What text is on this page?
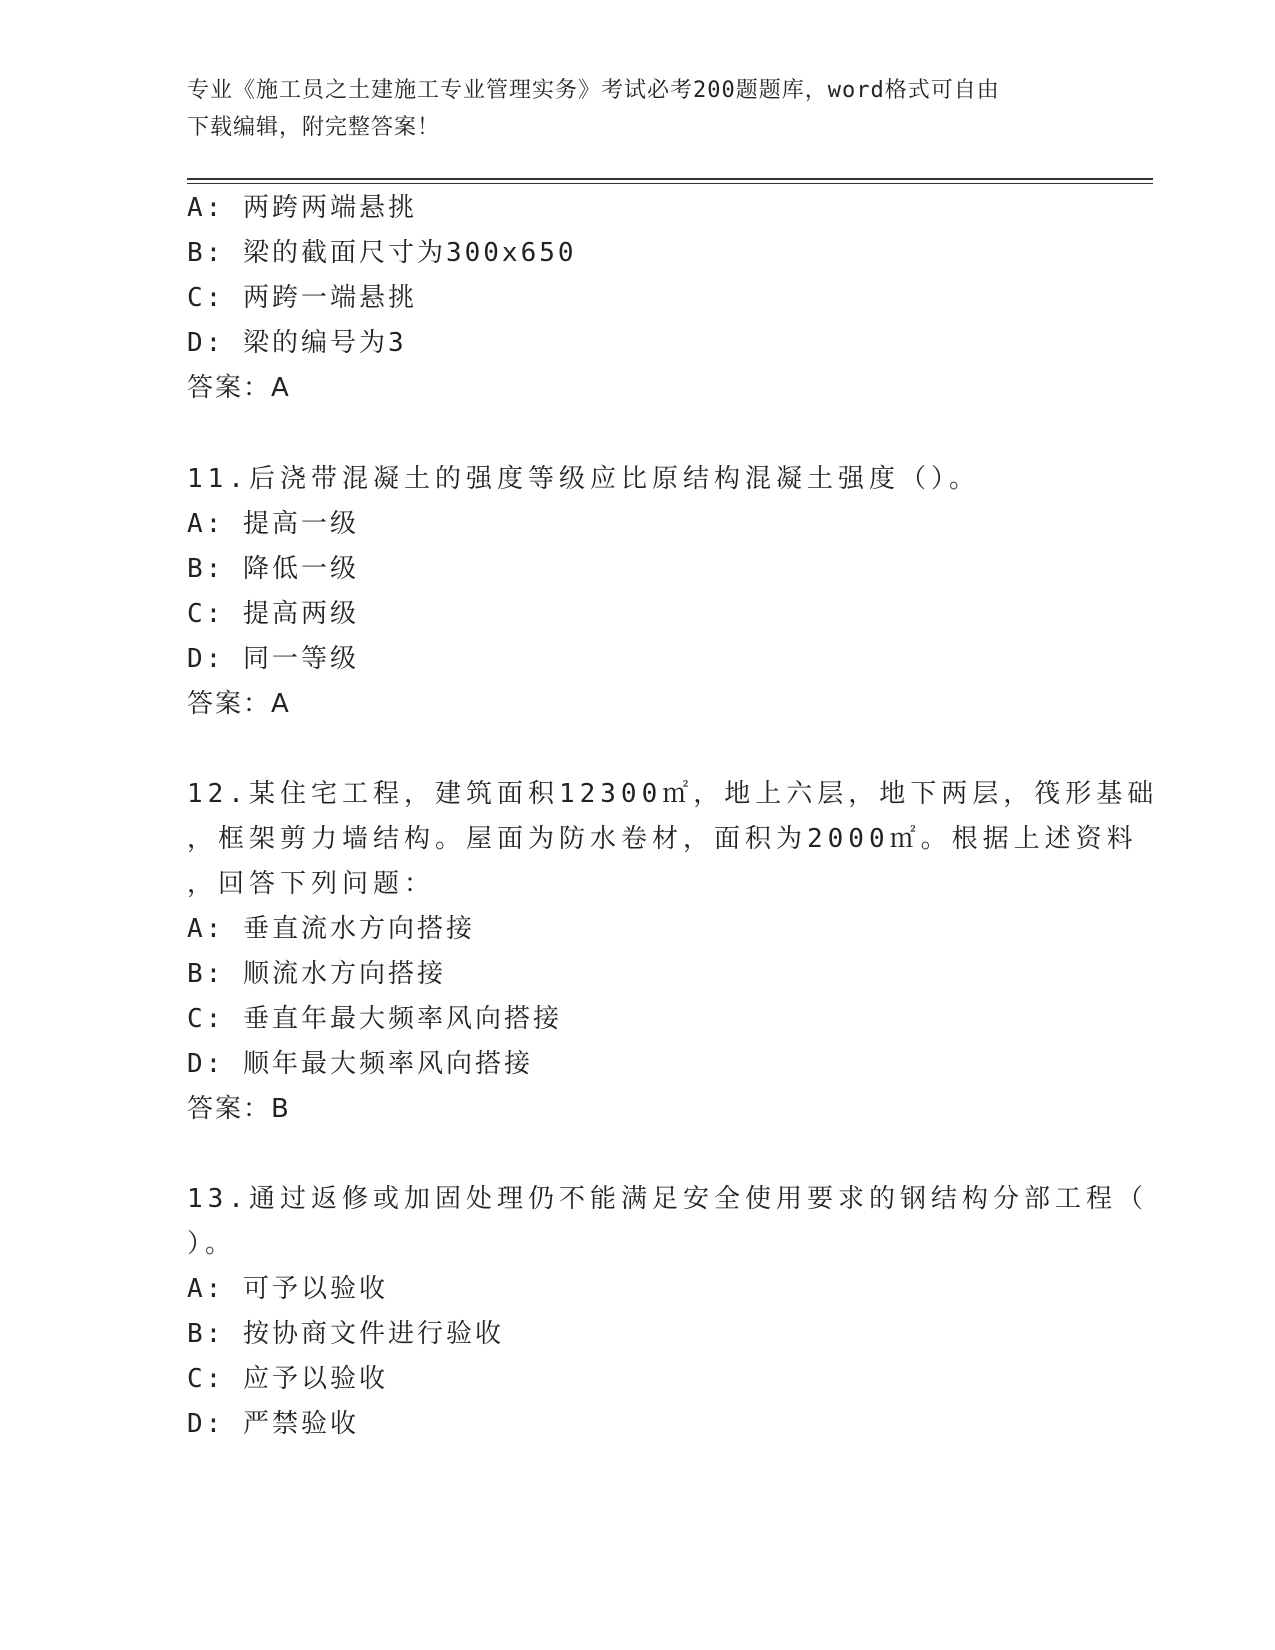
专业《施工员之土建施工专业管理实务》考试必考200题题库，word格式可自由
下载编辑，附完整答案！
A: 两跨两端悬挑
B: 梁的截面尺寸为300x650
C: 两跨一端悬挑
D: 梁的编号为3
答案：A
11.后浇带混凝土的强度等级应比原结构混凝土强度（）。
A: 提高一级
B: 降低一级
C: 提高两级
D: 同一等级
答案：A
12.某住宅工程，建筑面积12300㎡，地上六层，地下两层，筏形基础
，框架剪力墙结构。屋面为防水卷材，面积为2000㎡。根据上述资料
，回答下列问题：
A: 垂直流水方向搭接
B: 顺流水方向搭接
C: 垂直年最大频率风向搭接
D: 顺年最大频率风向搭接
答案：B
13.通过返修或加固处理仍不能满足安全使用要求的钢结构分部工程（
）。
A: 可予以验收
B: 按协商文件进行验收
C: 应予以验收
D: 严禁验收
